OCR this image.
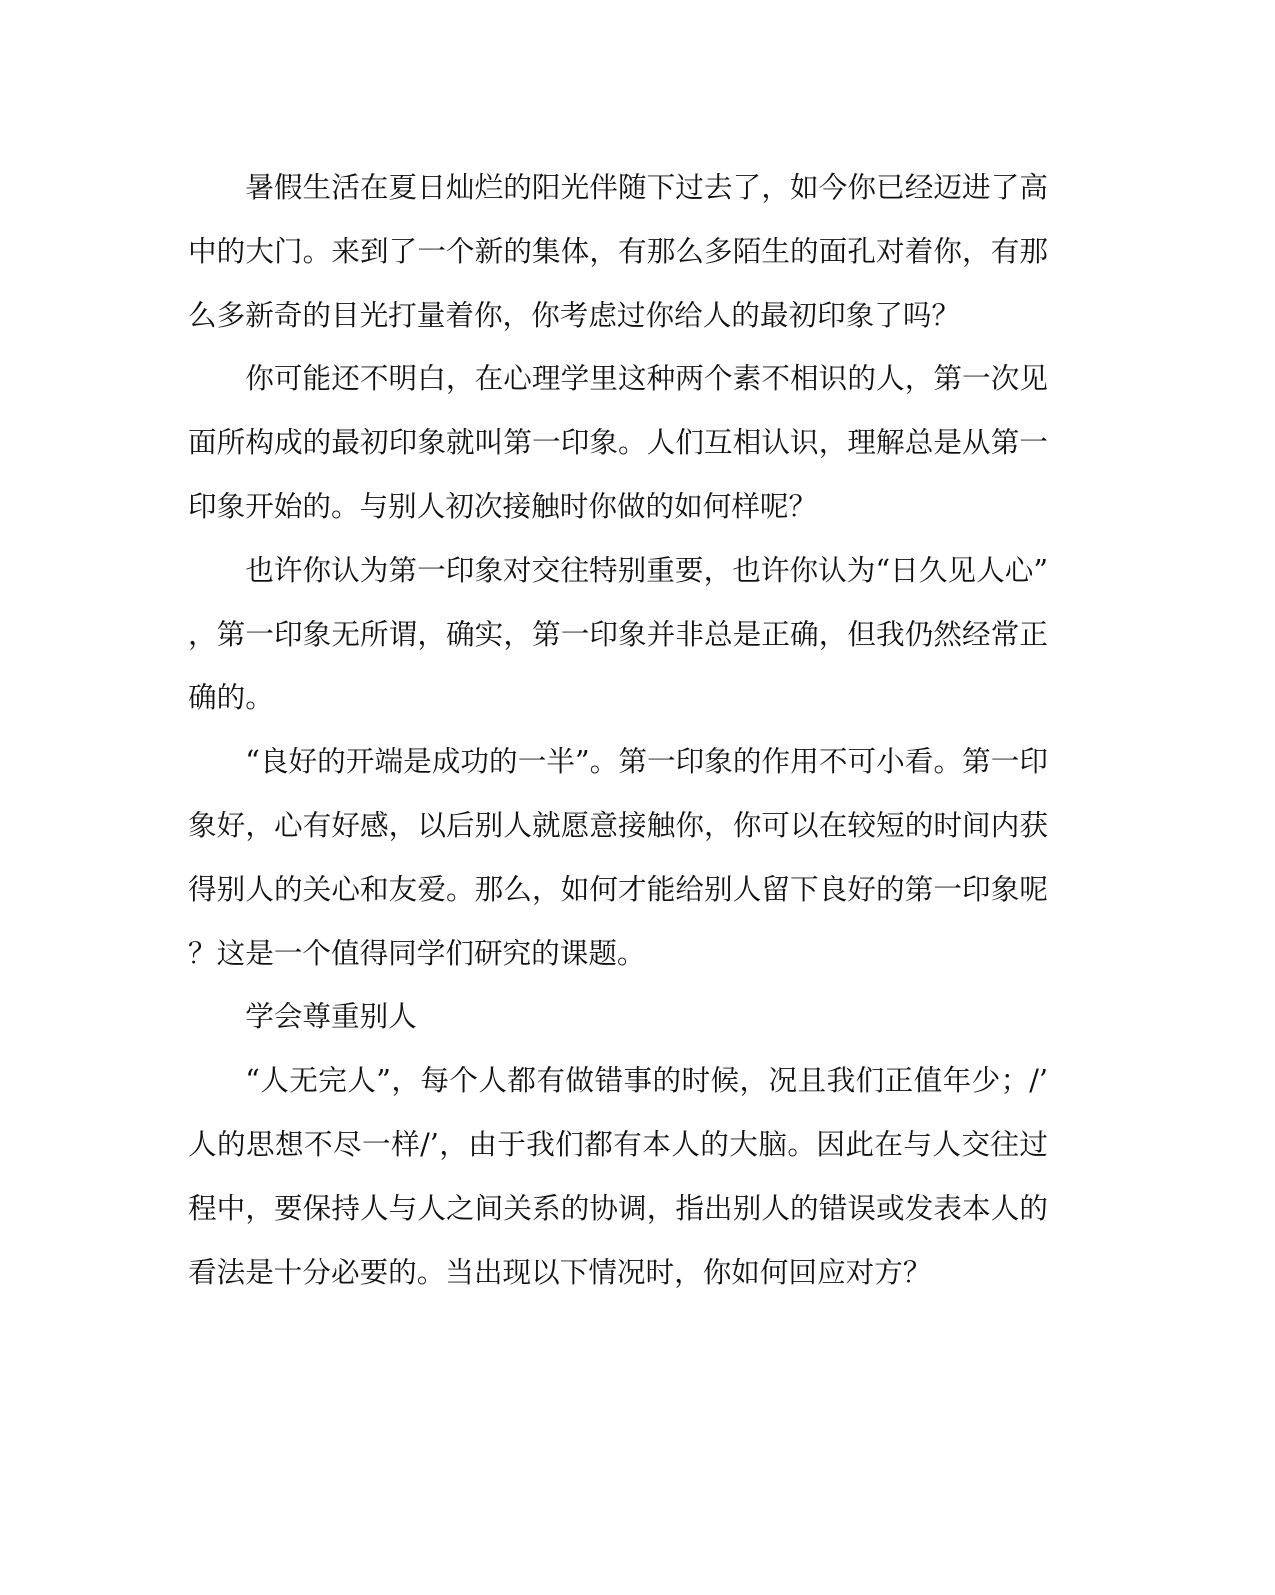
暑假生活在夏日灿烂的阳光伴随下过去了，如今你已经迈进了高中的大门。来到了一个新的集体，有那么多陌生的面孔对着你，有那么多新奇的目光打量着你，你考虑过你给人的最初印象了吗？

你可能还不明白，在心理学里这种两个素不相识的人，第一次见面所构成的最初印象就叫第一印象。人们互相认识，理解总是从第一印象开始的。与别人初次接触时你做的如何样呢？

也许你认为第一印象对交往特别重要，也许你认为“日久见人心”，第一印象无所谓，确实，第一印象并非总是正确，但我仍然经常正确的。

“良好的开端是成功的一半”。第一印象的作用不可小看。第一印象好，心有好感，以后别人就愿意接触你，你可以在较短的时间内获得别人的关心和友爱。那么，如何才能给别人留下良好的第一印象呢？这是一个值得同学们研究的课题。

学会尊重别人

“人无完人”，每个人都有做错事的时候，况且我们正值年少；/’人的思想不尽一样/’，由于我们都有本人的大脑。因此在与人交往过程中，要保持人与人之间关系的协调，指出别人的错误或发表本人的看法是十分必要的。当出现以下情况时，你如何回应对方？
